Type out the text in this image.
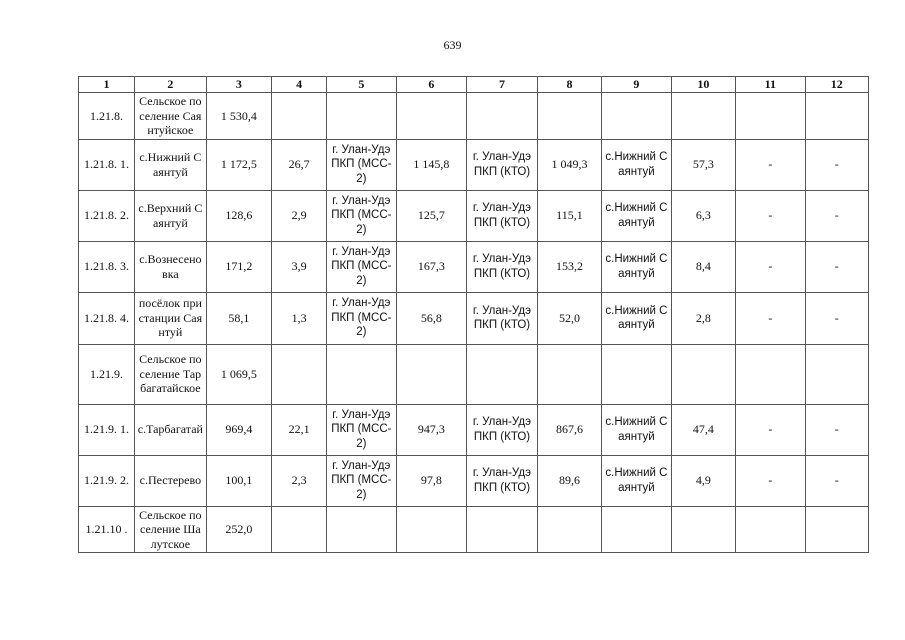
639
1	2	3	4	5	6	7	8	9	10	11	12
1.21.8.	Сельское поселение Саянтуйское	1 530,4									
1.21.8. 1.	с.Нижний Саянтуй	1 172,5	26,7	г. Улан-Удэ ПКП (МСС-2)	1 145,8	г. Улан-Удэ ПКП (КТО)	1 049,3	с.Нижний Саянтуй	57,3	-	-
1.21.8. 2.	с.Верхний Саянтуй	128,6	2,9	г. Улан-Удэ ПКП (МСС-2)	125,7	г. Улан-Удэ ПКП (КТО)	115,1	с.Нижний Саянтуй	6,3	-	-
1.21.8. 3.	с.Вознесеновка	171,2	3,9	г. Улан-Удэ ПКП (МСС-2)	167,3	г. Улан-Удэ ПКП (КТО)	153,2	с.Нижний Саянтуй	8,4	-	-
1.21.8. 4.	посёлок при станции Саянтуй	58,1	1,3	г. Улан-Удэ ПКП (МСС-2)	56,8	г. Улан-Удэ ПКП (КТО)	52,0	с.Нижний Саянтуй	2,8	-	-
1.21.9.	Сельское поселение Тарбагатайское	1 069,5									
1.21.9. 1.	с.Тарбагатай	969,4	22,1	г. Улан-Удэ ПКП (МСС-2)	947,3	г. Улан-Удэ ПКП (КТО)	867,6	с.Нижний Саянтуй	47,4	-	-
1.21.9. 2.	с.Пестерево	100,1	2,3	г. Улан-Удэ ПКП (МСС-2)	97,8	г. Улан-Удэ ПКП (КТО)	89,6	с.Нижний Саянтуй	4,9	-	-
1.21.10 .	Сельское поселение Шалутское	252,0									
